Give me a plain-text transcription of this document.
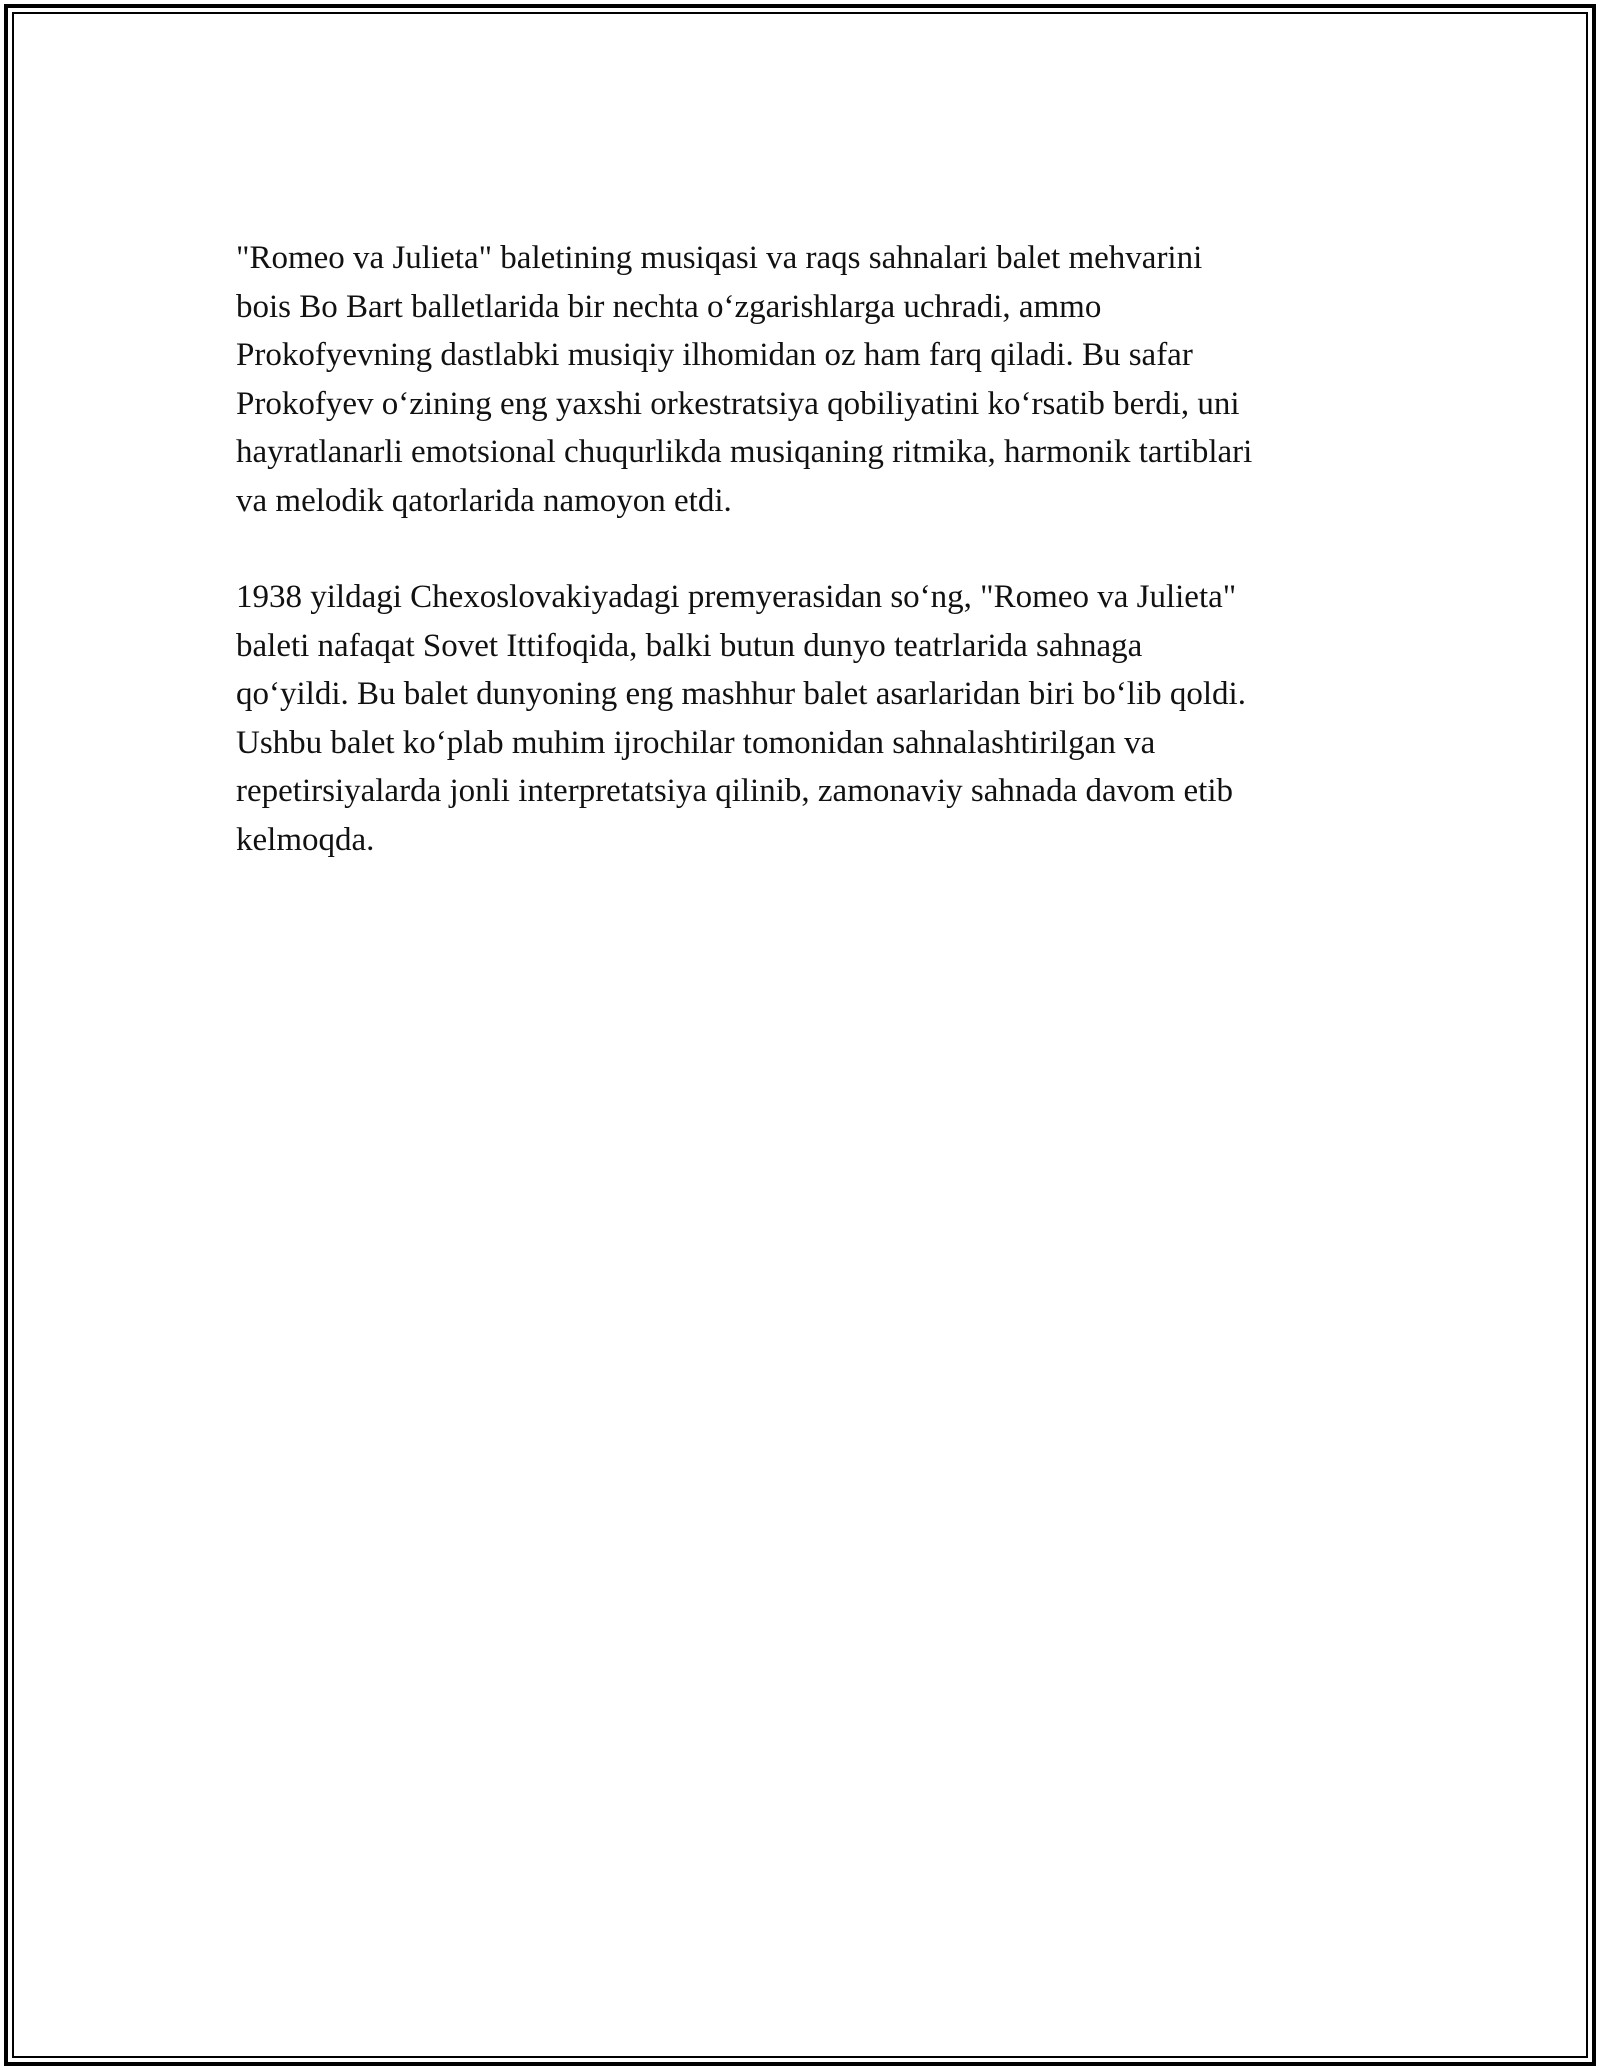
"Romeo va Julieta" baletining musiqasi va raqs sahnalari balet mehvarini
bois Bo Bart balletlarida bir nechta o‘zgarishlarga uchradi, ammo
Prokofyevning dastlabki musiqiy ilhomidan oz ham farq qiladi. Bu safar
Prokofyev o‘zining eng yaxshi orkestratsiya qobiliyatini ko‘rsatib berdi, uni
hayratlanarli emotsional chuqurlikda musiqaning ritmika, harmonik tartiblari
va melodik qatorlarida namoyon etdi.

1938 yildagi Chexoslovakiyadagi premyerasidan so‘ng, "Romeo va Julieta"
baleti nafaqat Sovet Ittifoqida, balki butun dunyo teatrlarida sahnaga
qo‘yildi. Bu balet dunyoning eng mashhur balet asarlaridan biri bo‘lib qoldi.
Ushbu balet ko‘plab muhim ijrochilar tomonidan sahnalashtirilgan va
repetirsiyalarda jonli interpretatsiya qilinib, zamonaviy sahnada davom etib
kelmoqda.
